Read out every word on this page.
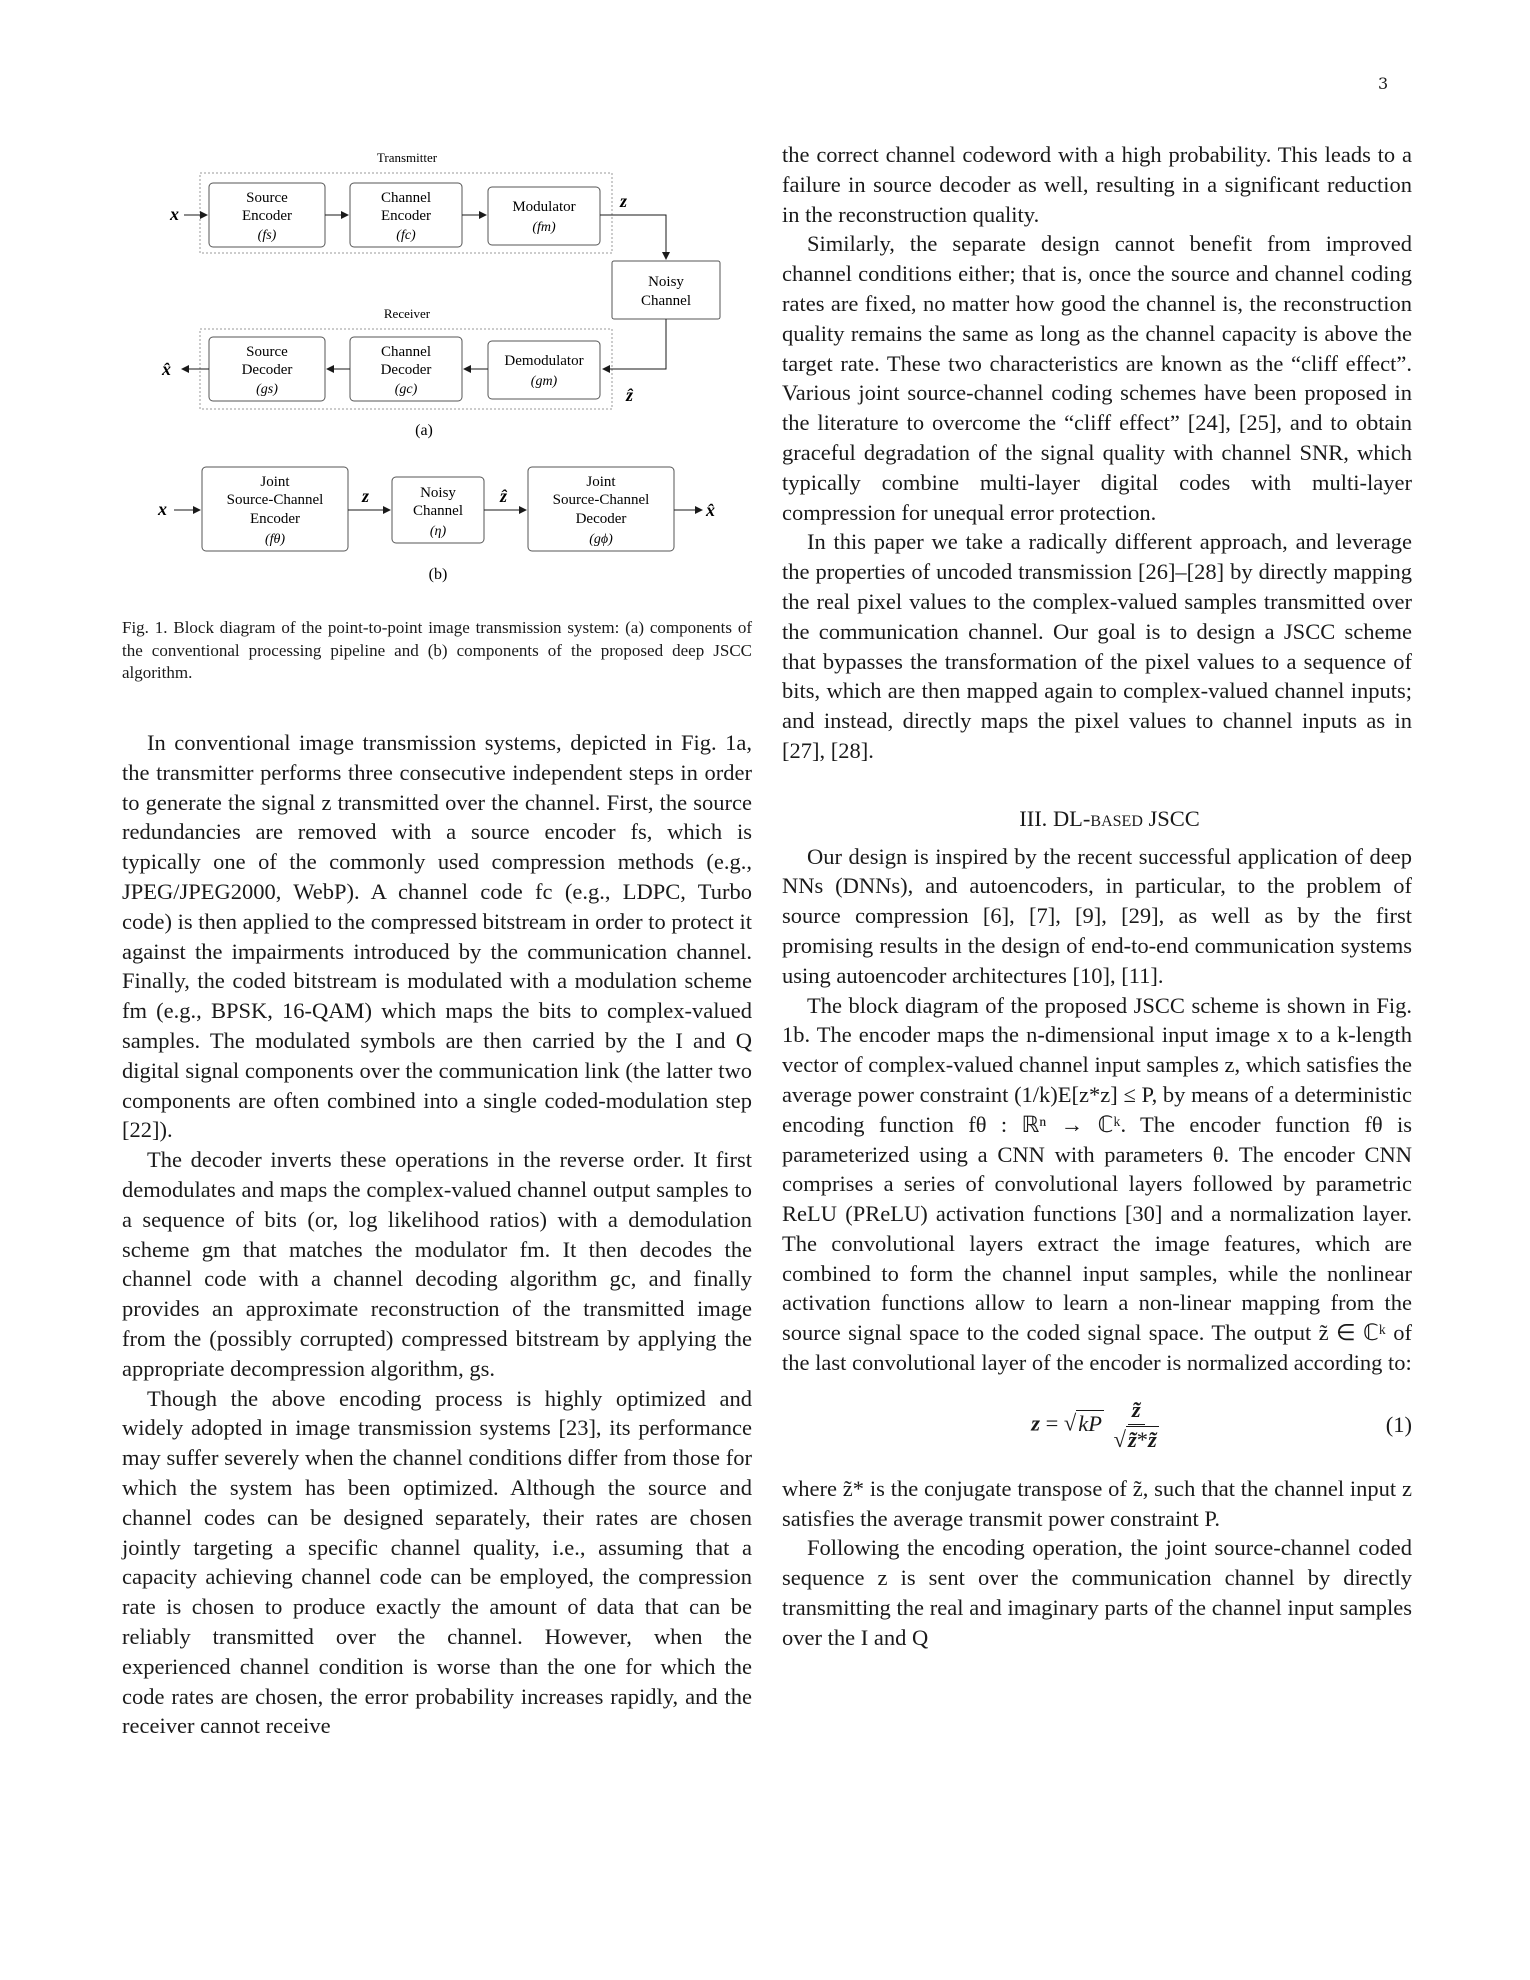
3
Transmitter
x
Source
Encoder
(fs)
Channel
Encoder
(fc)
Modulator
(fm)
z
Noisy
Channel
Receiver
ẑ
Demodulator
(gm)
Channel
Decoder
(gc)
Source
Decoder
(gs)
x̂
(a)
x
Joint
Source-Channel
Encoder
(fθ)
z	Noisy
Channel
(η)
ẑ
Joint
Source-Channel
Decoder
(gϕ)
x̂
(b)

Fig. 1. Block diagram of the point-to-point image transmission system: (a) components of the conventional processing pipeline and (b) components of the proposed deep JSCC algorithm.

In conventional image transmission systems, depicted in Fig. 1a, the transmitter performs three consecutive independent steps in order to generate the signal z transmitted over the channel. First, the source redundancies are removed with a source encoder fs, which is typically one of the commonly used compression methods (e.g., JPEG/JPEG2000, WebP). A channel code fc (e.g., LDPC, Turbo code) is then applied to the compressed bitstream in order to protect it against the impairments introduced by the communication channel. Finally, the coded bitstream is modulated with a modulation scheme fm (e.g., BPSK, 16-QAM) which maps the bits to complex-valued samples. The modulated symbols are then carried by the I and Q digital signal components over the communication link (the latter two components are often combined into a single coded-modulation step [22]).

The decoder inverts these operations in the reverse order. It first demodulates and maps the complex-valued channel output samples to a sequence of bits (or, log likelihood ratios) with a demodulation scheme gm that matches the modulator fm. It then decodes the channel code with a channel decoding algorithm gc, and finally provides an approximate reconstruction of the transmitted image from the (possibly corrupted) compressed bitstream by applying the appropriate decompression algorithm, gs.

Though the above encoding process is highly optimized and widely adopted in image transmission systems [23], its performance may suffer severely when the channel conditions differ from those for which the system has been optimized. Although the source and channel codes can be designed separately, their rates are chosen jointly targeting a specific channel quality, i.e., assuming that a capacity achieving channel code can be employed, the compression rate is chosen to produce exactly the amount of data that can be reliably transmitted over the channel. However, when the experienced channel condition is worse than the one for which the code rates are chosen, the error probability increases rapidly, and the receiver cannot receive

the correct channel codeword with a high probability. This leads to a failure in source decoder as well, resulting in a significant reduction in the reconstruction quality.

Similarly, the separate design cannot benefit from improved channel conditions either; that is, once the source and channel coding rates are fixed, no matter how good the channel is, the reconstruction quality remains the same as long as the channel capacity is above the target rate. These two characteristics are known as the “cliff effect”. Various joint source-channel coding schemes have been proposed in the literature to overcome the “cliff effect” [24], [25], and to obtain graceful degradation of the signal quality with channel SNR, which typically combine multi-layer digital codes with multi-layer compression for unequal error protection.

In this paper we take a radically different approach, and leverage the properties of uncoded transmission [26]–[28] by directly mapping the real pixel values to the complex-valued samples transmitted over the communication channel. Our goal is to design a JSCC scheme that bypasses the transformation of the pixel values to a sequence of bits, which are then mapped again to complex-valued channel inputs; and instead, directly maps the pixel values to channel inputs as in [27], [28].

III. DL-based JSCC

Our design is inspired by the recent successful application of deep NNs (DNNs), and autoencoders, in particular, to the problem of source compression [6], [7], [9], [29], as well as by the first promising results in the design of end-to-end communication systems using autoencoder architectures [10], [11].

The block diagram of the proposed JSCC scheme is shown in Fig. 1b. The encoder maps the n-dimensional input image x to a k-length vector of complex-valued channel input samples z, which satisfies the average power constraint (1/k)E[z*z] ≤ P, by means of a deterministic encoding function fθ : ℝⁿ → ℂᵏ. The encoder function fθ is parameterized using a CNN with parameters θ. The encoder CNN comprises a series of convolutional layers followed by parametric ReLU (PReLU) activation functions [30] and a normalization layer. The convolutional layers extract the image features, which are combined to form the channel input samples, while the nonlinear activation functions allow to learn a non-linear mapping from the source signal space to the coded signal space. The output z̃ ∈ ℂᵏ of the last convolutional layer of the encoder is normalized according to:

$z = √kP \frac{z̃}{√z̃*z̃}$	(1)

where z̃* is the conjugate transpose of z̃, such that the channel input z satisfies the average transmit power constraint P.

Following the encoding operation, the joint source-channel coded sequence z is sent over the communication channel by directly transmitting the real and imaginary parts of the channel input samples over the I and Q
